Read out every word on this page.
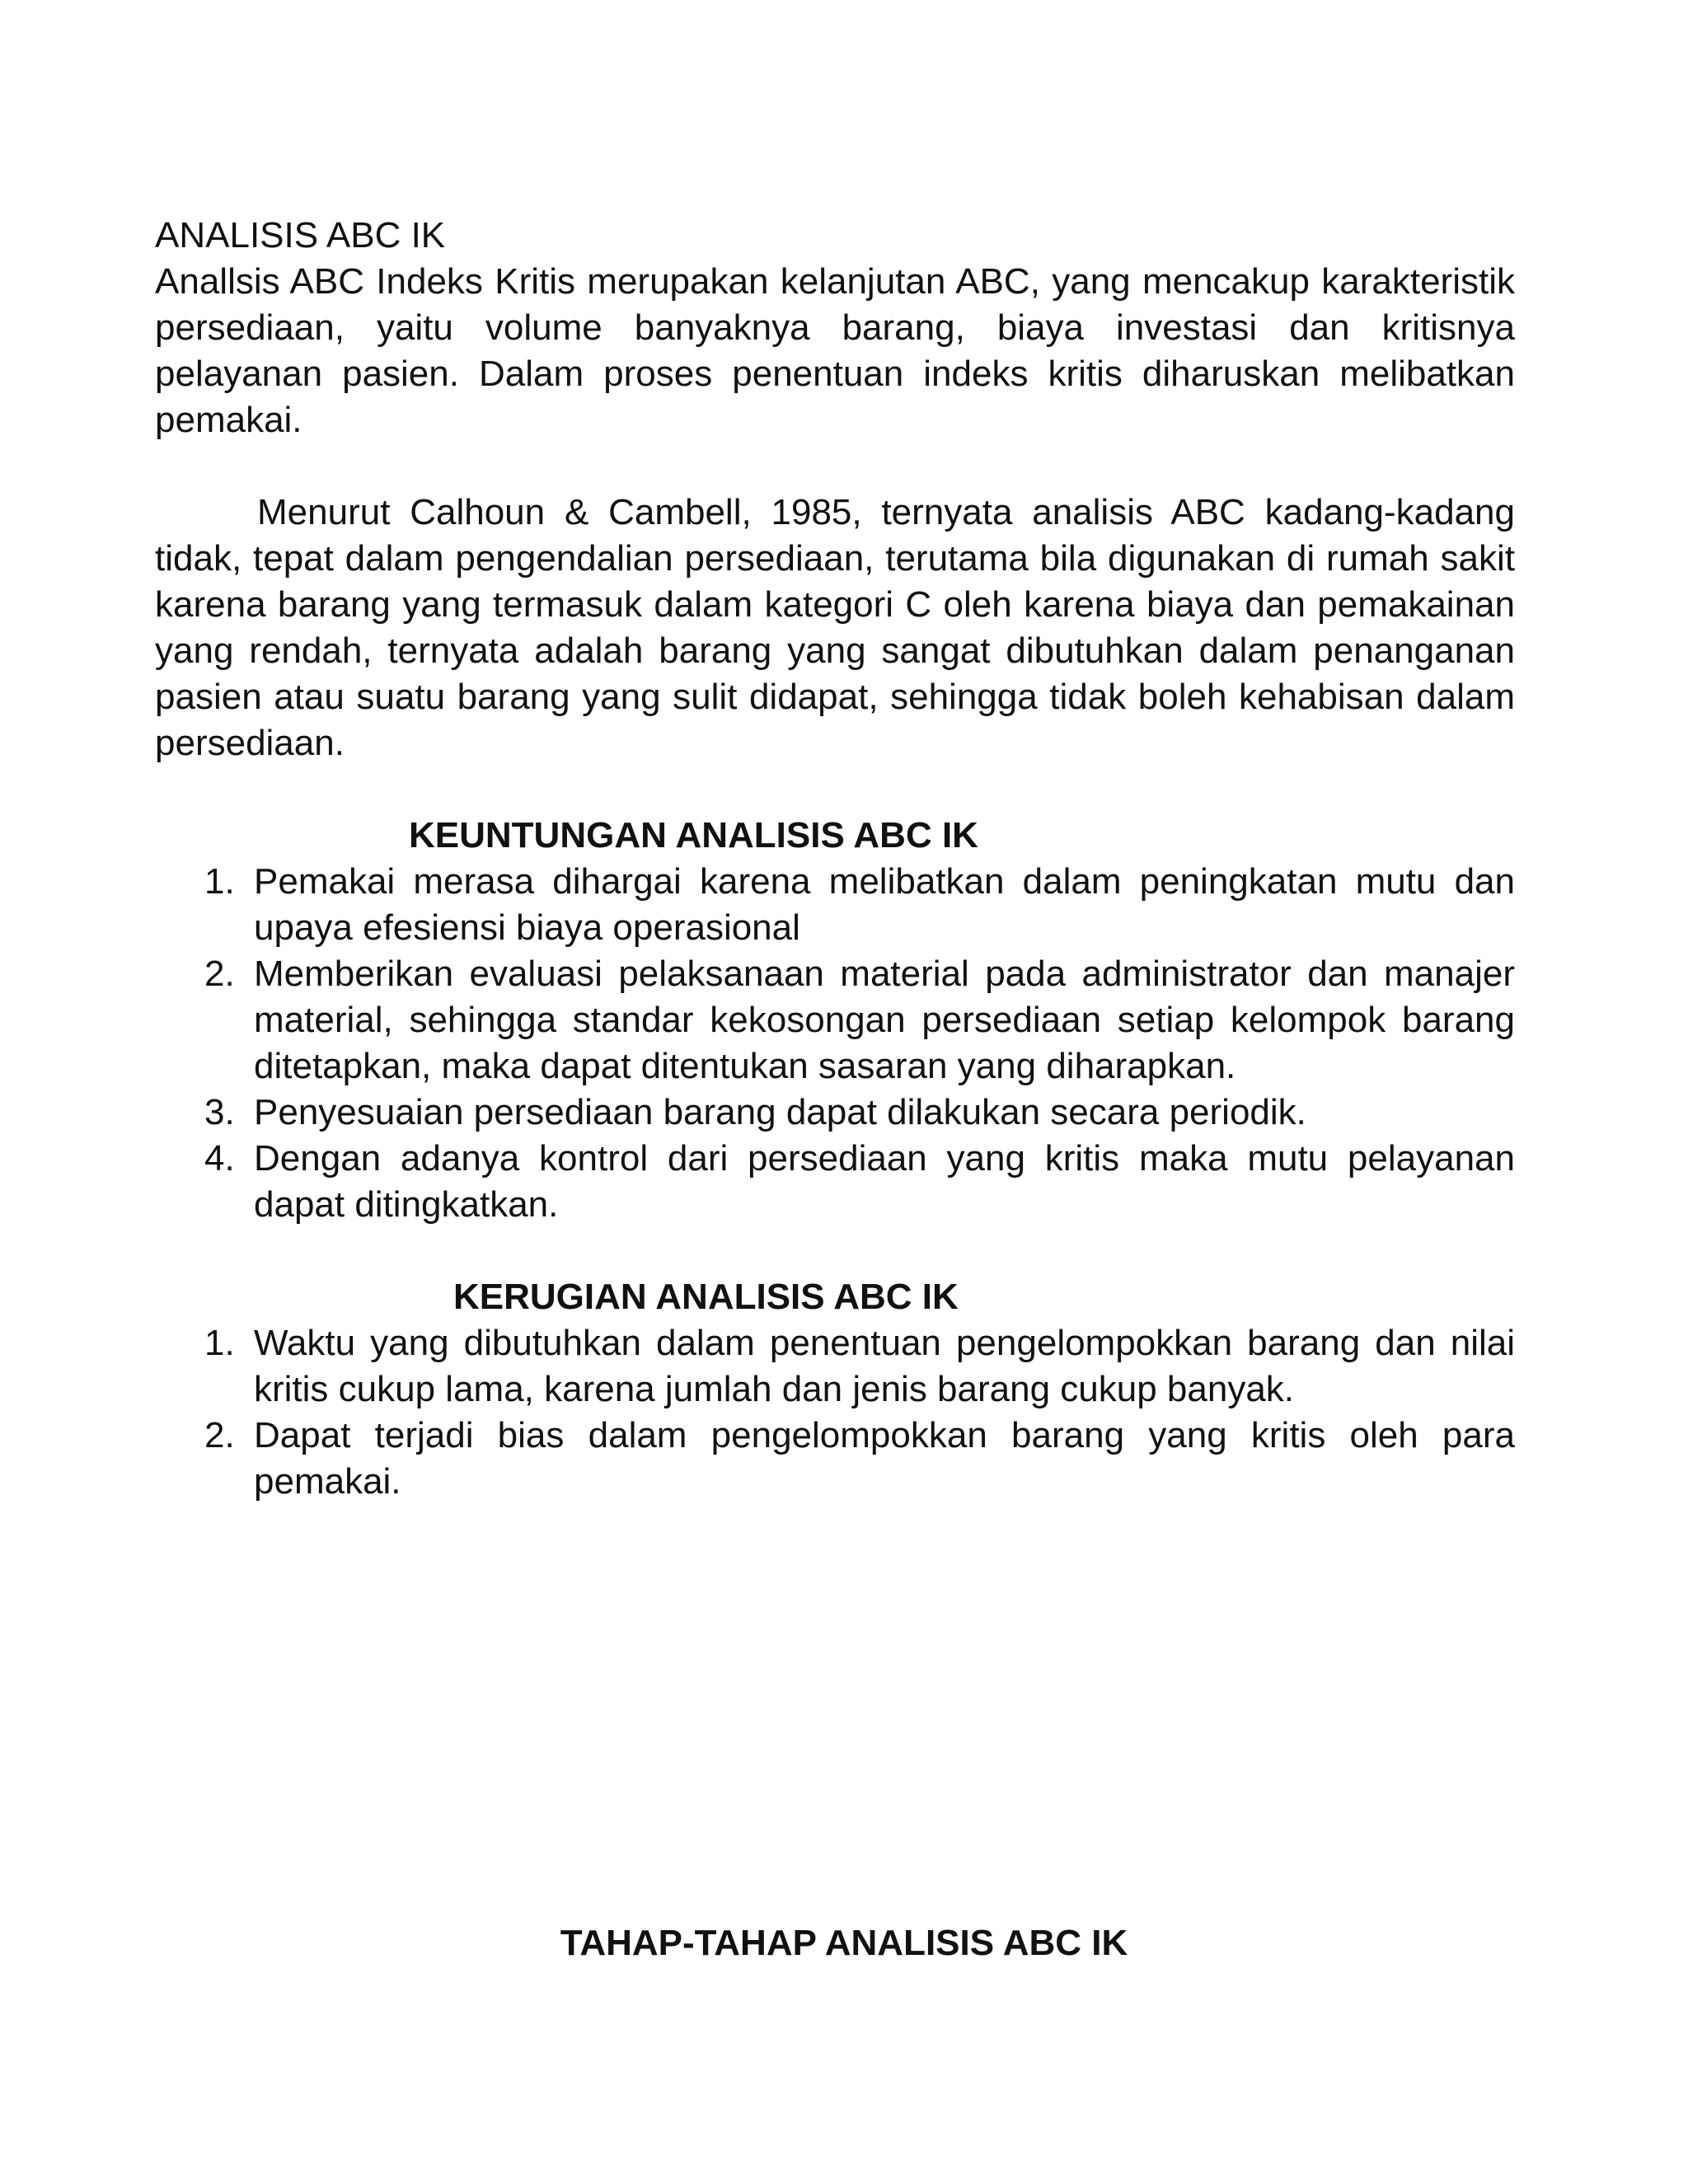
ANALISIS ABC IK

Anallsis ABC Indeks Kritis merupakan kelanjutan ABC, yang mencakup karakteristik persediaan, yaitu volume banyaknya barang, biaya investasi dan kritisnya pelayanan pasien. Dalam proses penentuan indeks kritis diharuskan melibatkan pemakai.

Menurut Calhoun & Cambell, 1985, ternyata analisis ABC kadang-kadang tidak, tepat dalam pengendalian persediaan, terutama bila digunakan di rumah sakit karena barang yang termasuk dalam kategori C oleh karena biaya dan pemakainan yang rendah, ternyata adalah barang yang sangat dibutuhkan dalam penanganan pasien atau suatu barang yang sulit didapat, sehingga tidak boleh kehabisan dalam persediaan.

KEUNTUNGAN ANALISIS ABC IK

1. Pemakai merasa dihargai karena melibatkan dalam peningkatan mutu dan upaya efesiensi biaya operasional
2. Memberikan evaluasi pelaksanaan material pada administrator dan manajer material, sehingga standar kekosongan persediaan setiap kelompok barang ditetapkan, maka dapat ditentukan sasaran yang diharapkan.
3. Penyesuaian persediaan barang dapat dilakukan secara periodik.
4. Dengan adanya kontrol dari persediaan yang kritis maka mutu pelayanan dapat ditingkatkan.

KERUGIAN ANALISIS ABC IK

1. Waktu yang dibutuhkan dalam penentuan pengelompokkan barang dan nilai kritis cukup lama, karena jumlah dan jenis barang cukup banyak.
2. Dapat terjadi bias dalam pengelompokkan barang yang kritis oleh para pemakai.

TAHAP-TAHAP ANALISIS ABC IK
